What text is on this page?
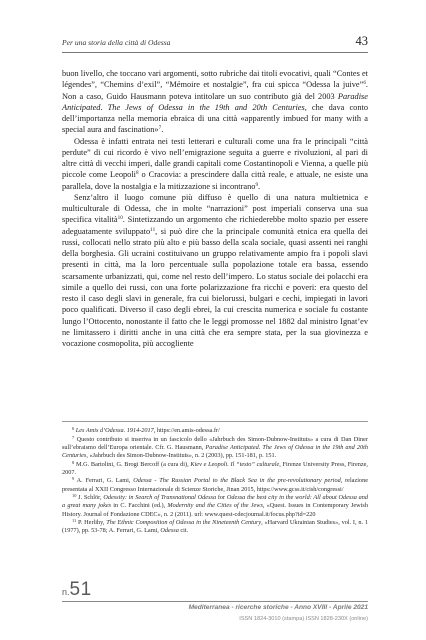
Per una storia della città di Odessa	43

buon livello, che toccano vari argomenti, sotto rubriche dai titoli evocativi, quali “Contes et légendes”, “Chemins d’exil”, “Mémoire et nostalgie”, fra cui spicca “Odessa la juive”$^6$. Non a caso, Guido Hausmann poteva intitolare un suo contributo già del 2003 Paradise Anticipated. The Jews of Odessa in the 19th and 20th Centuries, che dava conto dell’importanza nella memoria ebraica di una città «apparently imbued for many with a special aura and fascination»$^7$.

Odessa è infatti entrata nei testi letterari e culturali come una fra le principali “città perdute” di cui ricordo è vivo nell’emigrazione seguita a guerre e rivoluzioni, al pari di altre città di vecchi imperi, dalle grandi capitali come Costantinopoli e Vienna, a quelle più piccole come Leopoli$^8$ o Cracovia: a prescindere dalla città reale, e attuale, ne esiste una parallela, dove la nostalgia e la mitizzazione si incontrano$^9$.

Senz’altro il luogo comune più diffuso è quello di una natura multietnica e multiculturale di Odessa, che in molte “narrazioni” post imperiali conserva una sua specifica vitalità$^{10}$. Sintetizzando un argomento che richiederebbe molto spazio per essere adeguatamente sviluppato$^{11}$, si può dire che la principale comunità etnica era quella dei russi, collocati nello strato più alto e più basso della scala sociale, quasi assenti nei ranghi della borghesia. Gli ucraini costituivano un gruppo relativamente ampio fra i popoli slavi presenti in città, ma la loro percentuale sulla popolazione totale era bassa, essendo scarsamente urbanizzati, qui, come nel resto dell’impero. Lo status sociale dei polacchi era simile a quello dei russi, con una forte polarizzazione fra ricchi e poveri: era questo del resto il caso degli slavi in generale, fra cui bielorussi, bulgari e cechi, impiegati in lavori poco qualificati. Diverso il caso degli ebrei, la cui crescita numerica e sociale fu costante lungo l’Ottocento, nonostante il fatto che le leggi promosse nel 1882 dal ministro Ignat’ev ne limitassero i diritti anche in una città che era sempre stata, per la sua giovinezza e vocazione cosmopolita, più accogliente

$^6$ Les Amis d’Odessa. 1914-2017, https://en.amis-odessa.fr/

$^7$ Questo contributo si inseriva in un fascicolo dello «Jahrbuch des Simon-Dubnow-Instituts» a cura di Dan Diner sull’ebraismo dell’Europa orientale. Cfr. G. Hausmann, Paradise Anticipated. The Jews of Odessa in the 19th and 20th Centuries, «Jahrbuch des Simon-Dubnow-Instituts», n. 2 (2003), pp. 151-181, p. 151.

$^8$ M.G. Bartolini, G. Brogi Bercoff (a cura di), Kiev e Leopoli. Il “testo” culturale, Firenze University Press, Firenze, 2007.

$^9$ A. Ferrari, G. Lami, Odessa - The Russian Portal to the Black Sea in the pre-revolutionary period, relazione presentata al XXII Congresso Internazionale di Scienze Storiche, Jinan 2015, https://www.gcss.it/cish/congressi/

$^{10}$ J. Schlör, Odessity: in Search of Transnational Odessa for Odessa the best city in the world: All about Odessa and a great many jokes in C. Facchini (ed.), Modernity and the Cities of the Jews, «Quest. Issues in Contemporary Jewish History. Journal of Fondazione CDEC», n. 2 (2011). url: www.quest-cdecjournal.it/focus.php?id=220

$^{11}$ P. Herlihy, The Ethnic Composition of Odessa in the Nineteenth Century, «Harvard Ukrainian Studies», vol. I, n. 1 (1977), pp. 53-78; A. Ferrari, G. Lami, Odessa cit.

n.51
Mediterranea - ricerche storiche - Anno XVIII - Aprile 2021
ISSN 1824-3010 (stampa) ISSN 1828-230X (online)
